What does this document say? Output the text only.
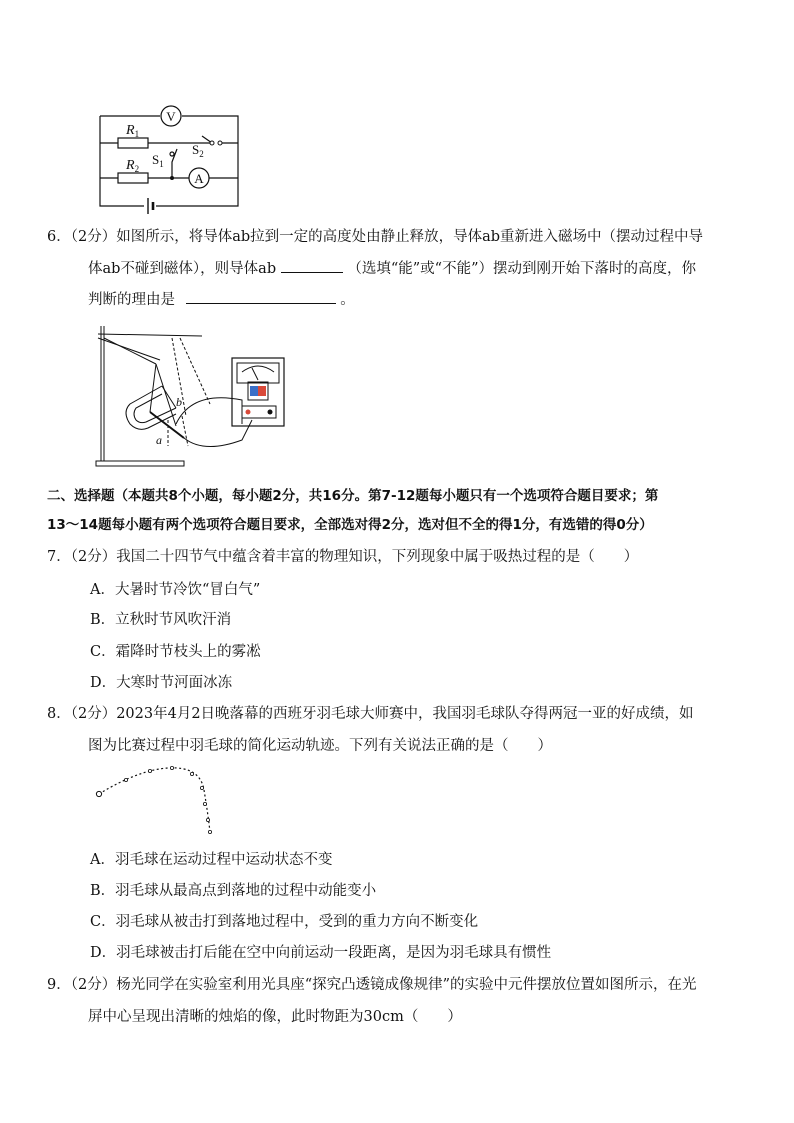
V
A
$R_1$
$R_2$
$S_1$
$S_2$
6．（2分）如图所示，将导体ab拉到一定的高度处由静止释放，导体ab重新进入磁场中（摆动过程中导
体ab不碰到磁体），则导体ab	（选填“能”或“不能”）摆动到刚开始下落时的高度，你
判断的理由是	。
a
b
二、选择题（本题共8个小题，每小题2分，共16分。第7-12题每小题只有一个选项符合题目要求；第
13～14题每小题有两个选项符合题目要求，全部选对得2分，选对但不全的得1分，有选错的得0分）
7．（2分）我国二十四节气中蕴含着丰富的物理知识，下列现象中属于吸热过程的是（　　）
A．大暑时节冷饮“冒白气”
B．立秋时节风吹汗消
C．霜降时节枝头上的雾凇
D．大寒时节河面冰冻
8．（2分）2023年4月2日晚落幕的西班牙羽毛球大师赛中，我国羽毛球队夺得两冠一亚的好成绩，如
图为比赛过程中羽毛球的简化运动轨迹。下列有关说法正确的是（　　）
A．羽毛球在运动过程中运动状态不变
B．羽毛球从最高点到落地的过程中动能变小
C．羽毛球从被击打到落地过程中，受到的重力方向不断变化
D．羽毛球被击打后能在空中向前运动一段距离，是因为羽毛球具有惯性
9．（2分）杨光同学在实验室利用光具座“探究凸透镜成像规律”的实验中元件摆放位置如图所示，在光
屏中心呈现出清晰的烛焰的像，此时物距为30cm（　　）
